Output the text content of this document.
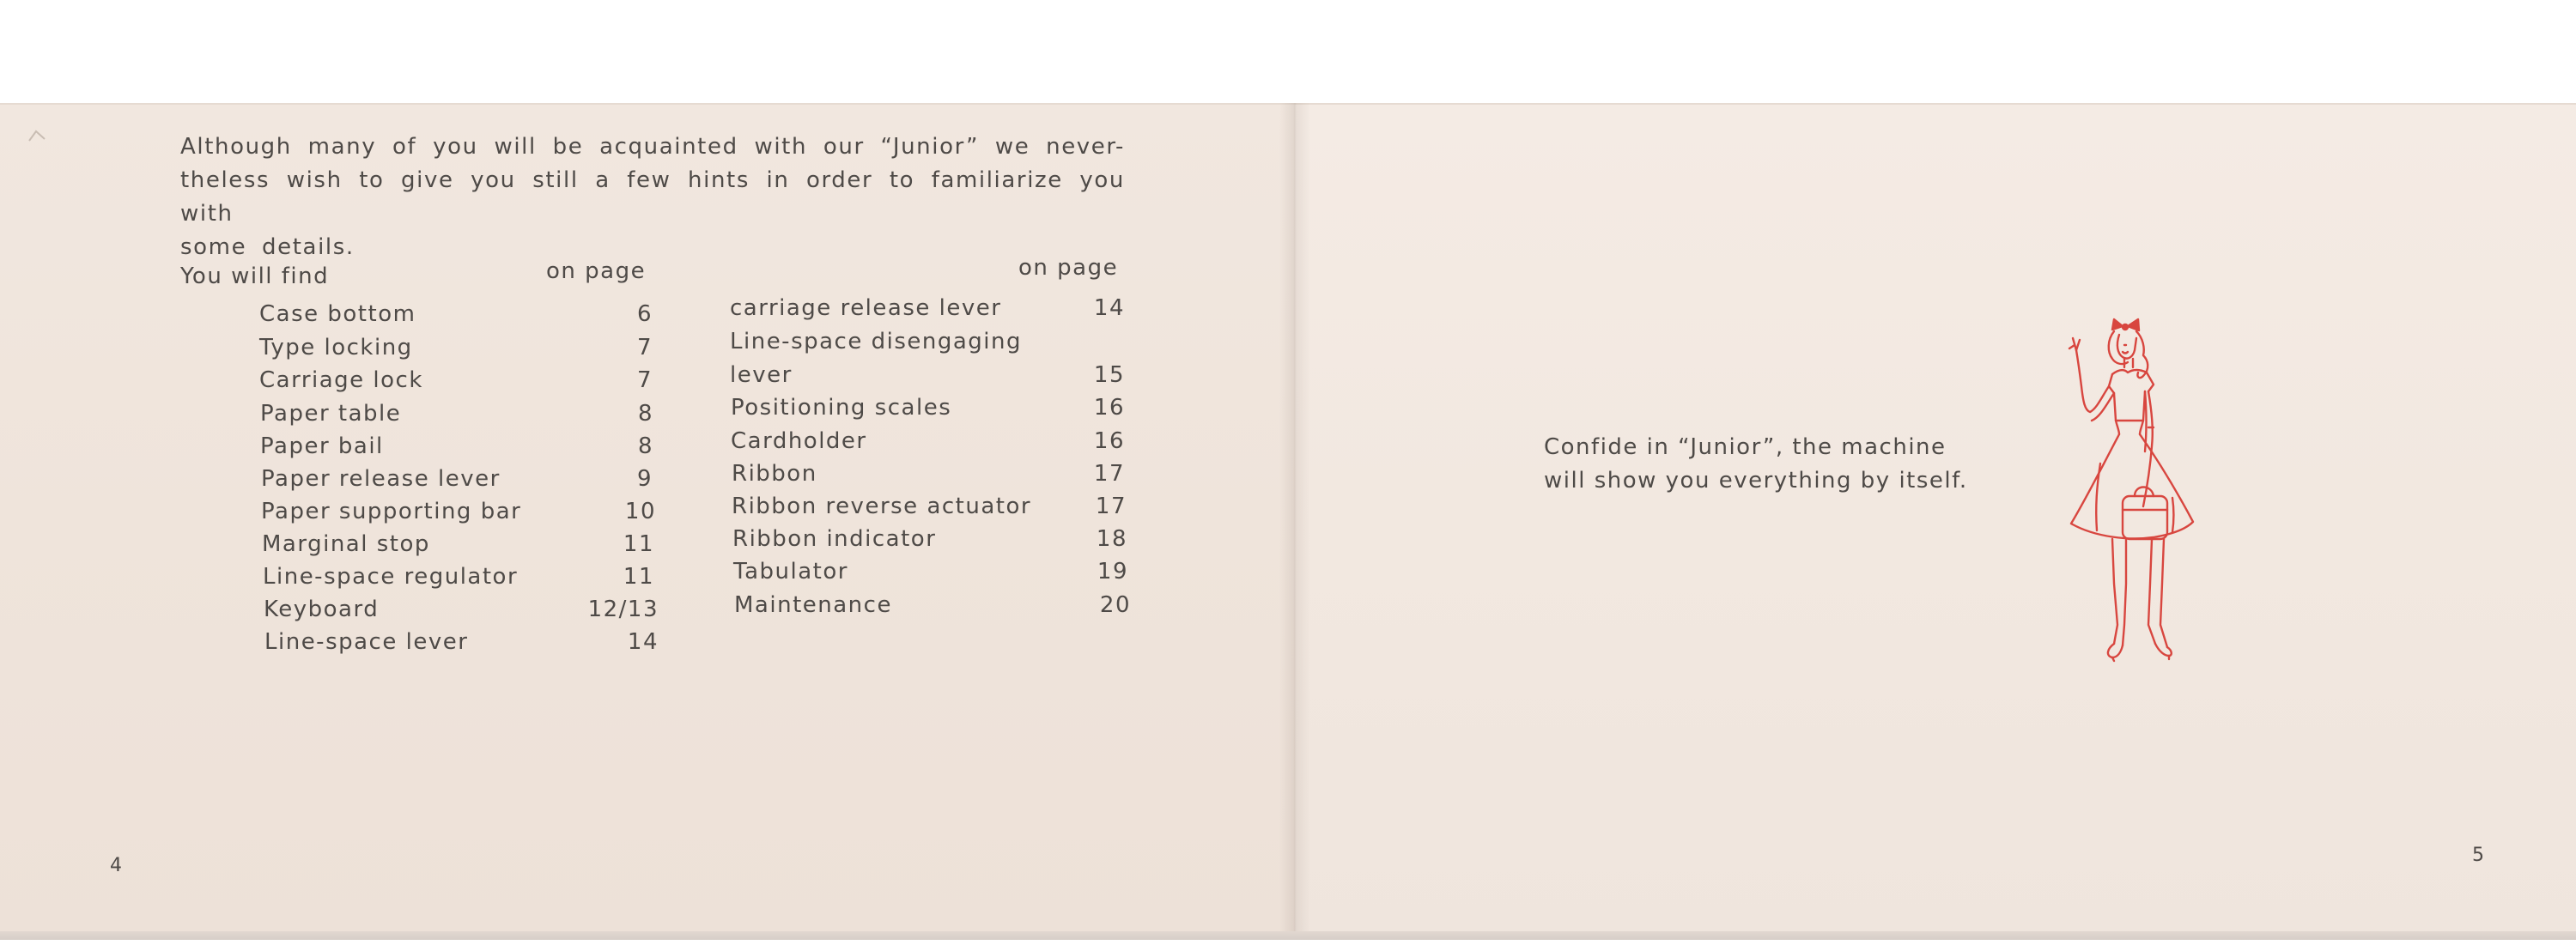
Although many of you will be acquainted with our “Junior” we never-
theless wish to give you still a few hints in order to familiarize you with
some details.
You will find	on page	on page
Case bottom	6
Type locking	7
Carriage lock	7
Paper table	8
Paper bail	8
Paper release lever	9
Paper supporting bar	10
Marginal stop	11
Line-space regulator	11
Keyboard	12/13
Line-space lever	14
carriage release lever	14
Line-space disengaging
lever	15
Positioning scales	16
Cardholder	16
Ribbon	17
Ribbon reverse actuator	17
Ribbon indicator	18
Tabulator	19
Maintenance	20
4
Confide in “Junior”, the machine
will show you everything by itself.
5
